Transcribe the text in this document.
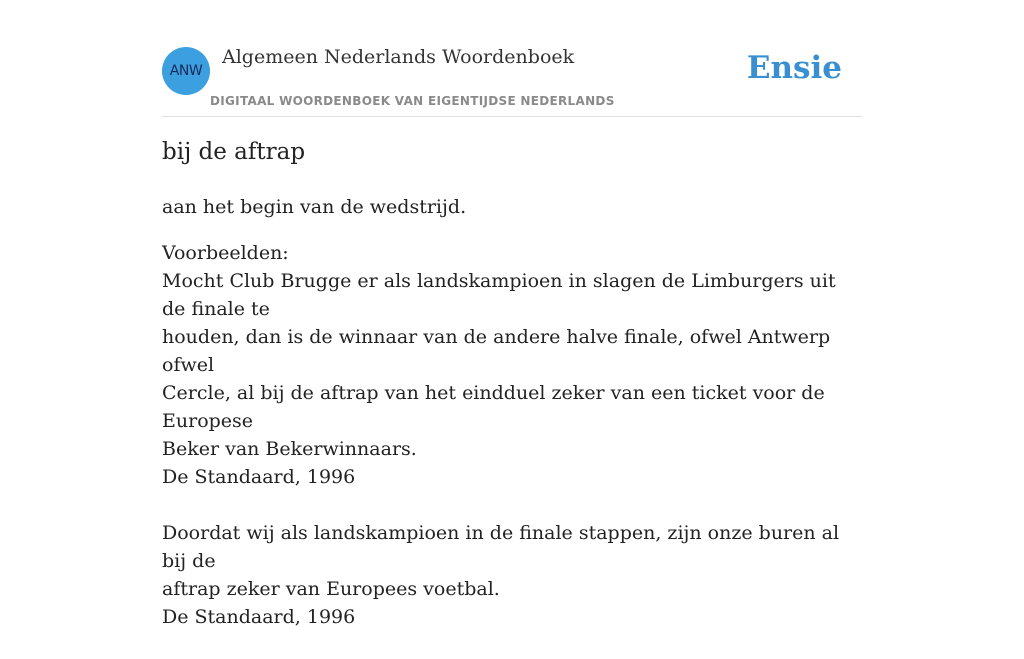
ANW
Algemeen Nederlands Woordenboek
DIGITAAL WOORDENBOEK VAN EIGENTIJDSE NEDERLANDS
Ensie
bij de aftrap

aan het begin van de wedstrijd.

Voorbeelden:

Mocht Club Brugge er als landskampioen in slagen de Limburgers uit de finale te

houden, dan is de winnaar van de andere halve finale, ofwel Antwerp ofwel

Cercle, al bij de aftrap van het eindduel zeker van een ticket voor de Europese

Beker van Bekerwinnaars.

De Standaard, 1996

Doordat wij als landskampioen in de finale stappen, zijn onze buren al bij de

aftrap zeker van Europees voetbal.

De Standaard, 1996
